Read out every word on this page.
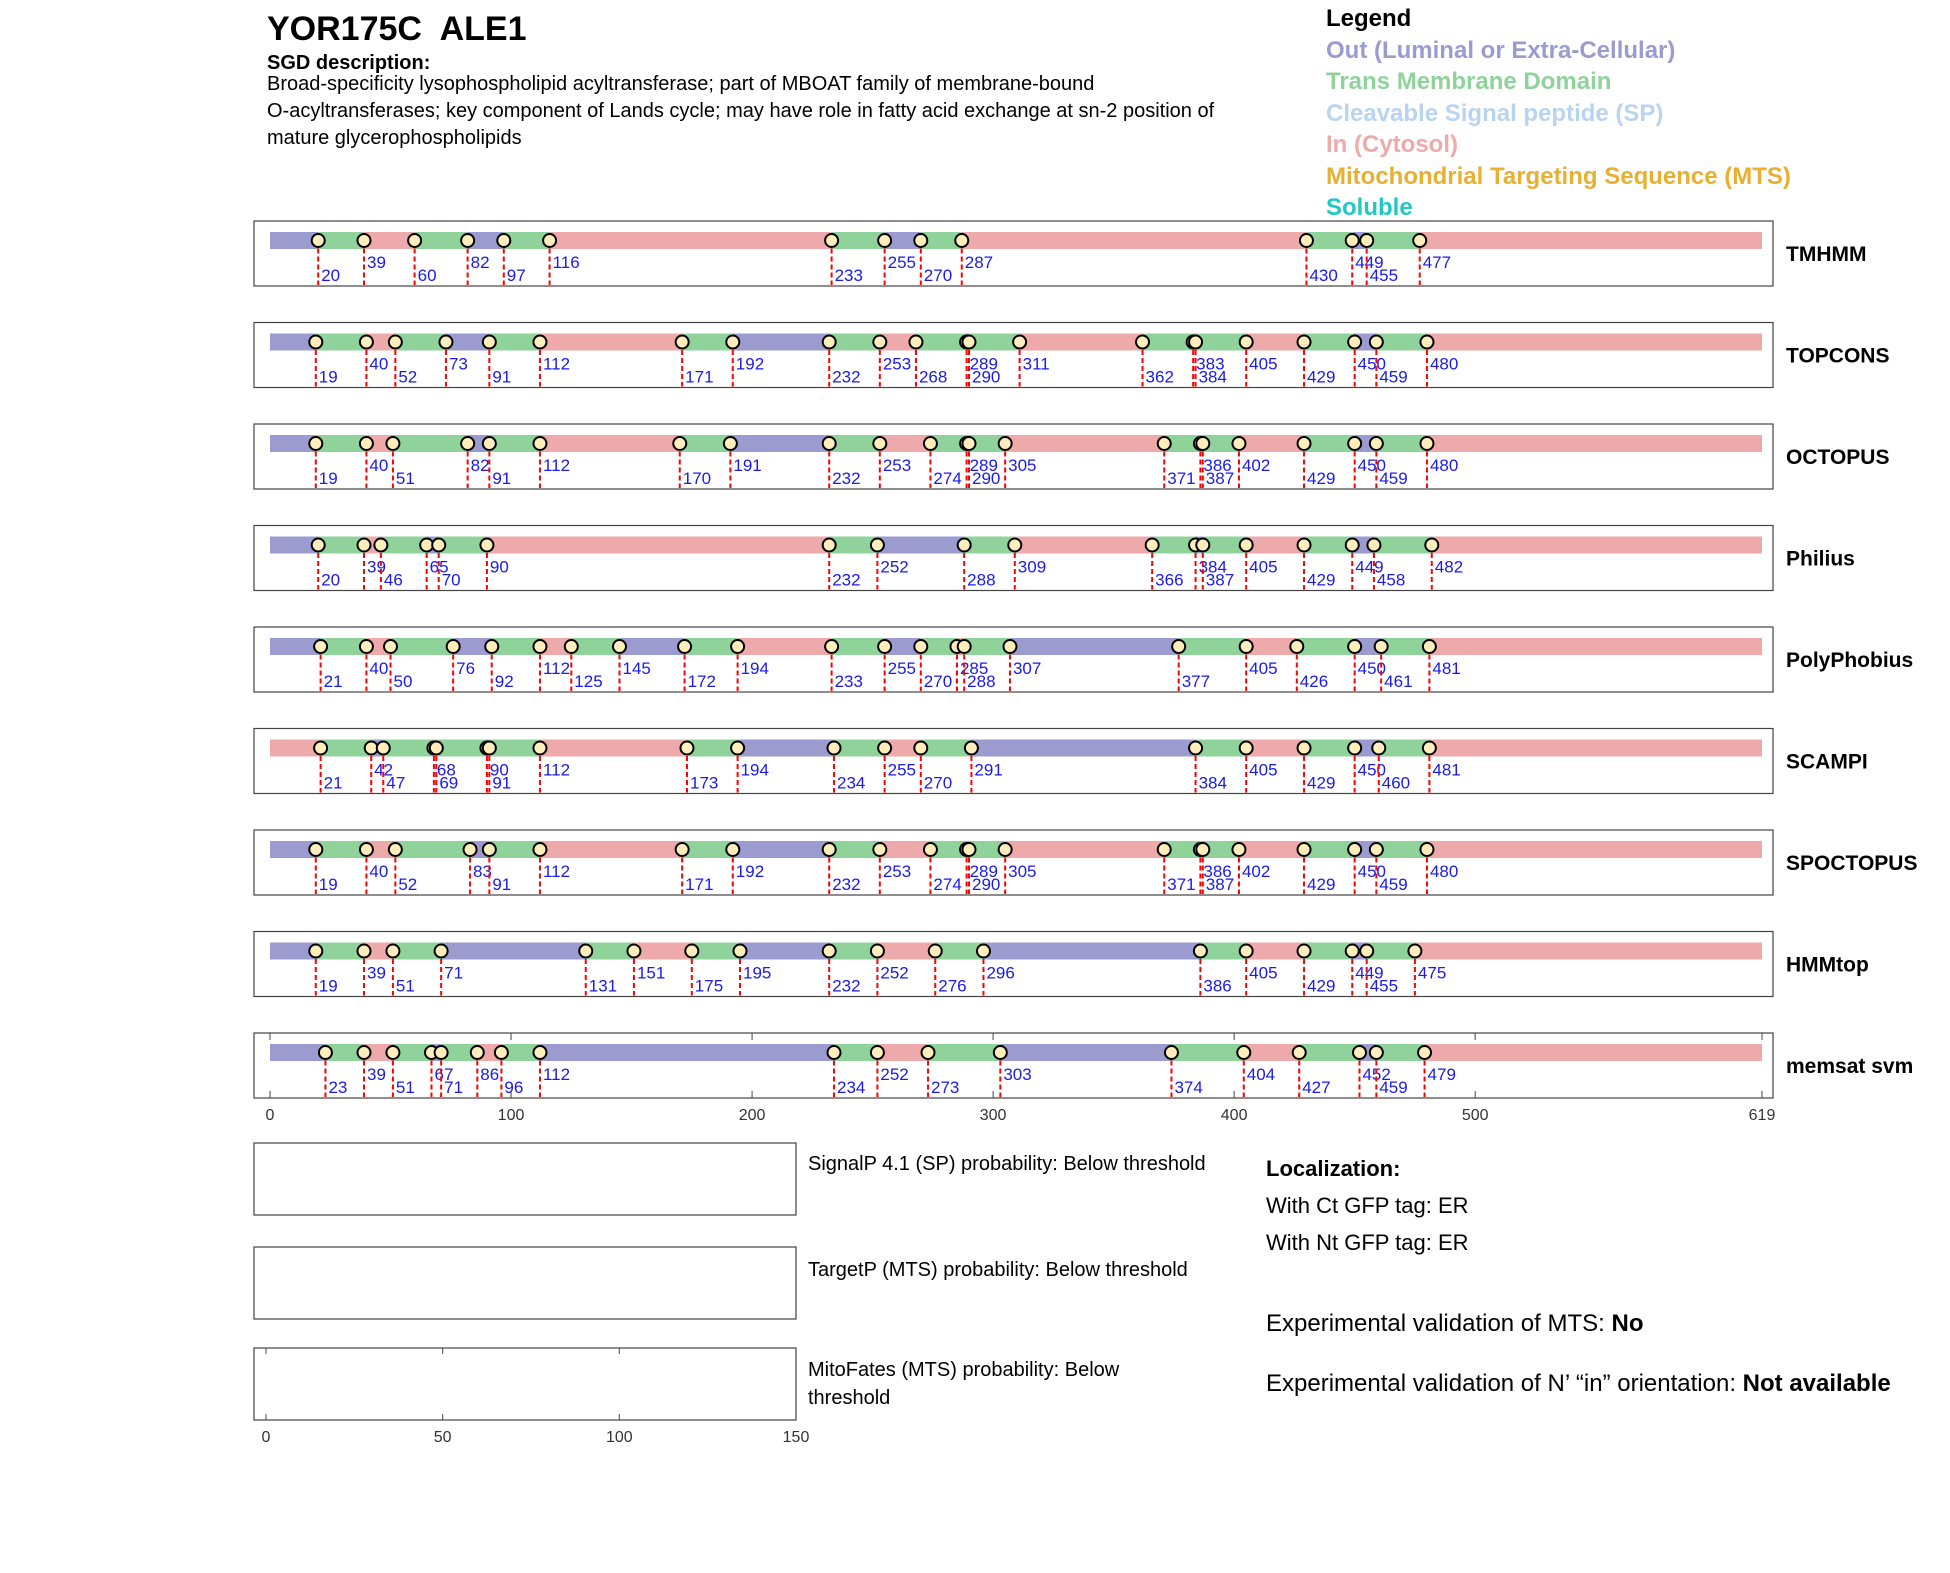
YOR175C  ALE1
SGD description:
Broad-specificity lysophospholipid acyltransferase; part of MBOAT family of membrane-bound
O-acyltransferases; key component of Lands cycle; may have role in fatty acid exchange at sn-2 position of
mature glycerophospholipids
Legend
Out (Luminal or Extra-Cellular)
Trans Membrane Domain
Cleavable Signal peptide (SP)
In (Cytosol)
Mitochondrial Targeting Sequence (MTS)
Soluble
20
39
60
82
97
116
233
255
270
287
430
449
455
477	TMHMM
19
40
52
73
91
112
171
192
232
253
268
289
290
311
362
383
384
405
429
450
459
480	TOPCONS
19
40
51
82
91
112
170
191
232
253
274
289
290
305
371
386
387
402
429
450
459
480	OCTOPUS
20
39
46
65
70
90
232
252
288
309
366
384
387
405
429
449
458
482	Philius
21
40
50
76
92
112
125
145
172
194
233
255
270
285
288
307
377
405
426
450
461
481	PolyPhobius
21
42
47
68
69
90
91
112
173
194
234
255
270
291
384
405
429
450
460
481	SCAMPI
19
40
52
83
91
112
171
192
232
253
274
289
290
305
371
386
387
402
429
450
459
480	SPOCTOPUS
19
39
51
71
131
151
175
195
232
252
276
296
386
405
429
449
455
475	HMMtop
23
39
51
67
71
86
96
112
234
252
273
303
374
404
427
452
459
479	memsat svm
0	100	200	300	400	500	619
0	50	100	150
SignalP 4.1 (SP) probability: Below threshold
TargetP (MTS) probability: Below threshold
MitoFates (MTS) probability: Below
threshold
Localization:
With Ct GFP tag: ER
With Nt GFP tag: ER
Experimental validation of MTS: No
Experimental validation of N’ “in” orientation: Not available
